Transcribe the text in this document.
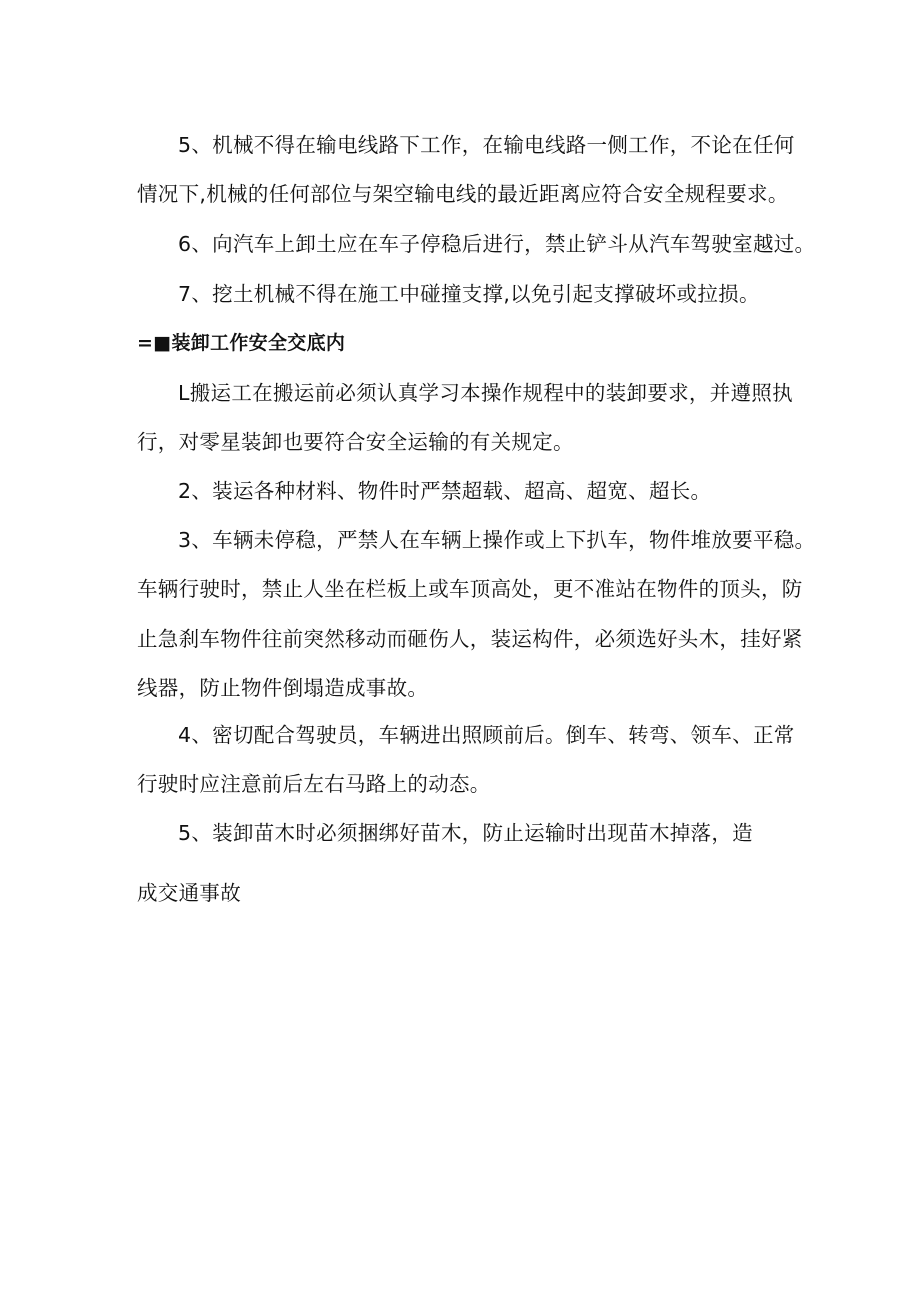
5、机械不得在输电线路下工作，在输电线路一侧工作，不论在任何
情况下,机械的任何部位与架空输电线的最近距离应符合安全规程要求。
6、向汽车上卸土应在车子停稳后进行，禁止铲斗从汽车驾驶室越过。
7、挖土机械不得在施工中碰撞支撑,以免引起支撑破坏或拉损。
=■装卸工作安全交底内
L搬运工在搬运前必须认真学习本操作规程中的装卸要求，并遵照执
行，对零星装卸也要符合安全运输的有关规定。
2、装运各种材料、物件时严禁超载、超高、超宽、超长。
3、车辆未停稳，严禁人在车辆上操作或上下扒车，物件堆放要平稳。
车辆行驶时，禁止人坐在栏板上或车顶高处，更不准站在物件的顶头，防
止急刹车物件往前突然移动而砸伤人，装运构件，必须选好头木，挂好紧
线器，防止物件倒塌造成事故。
4、密切配合驾驶员，车辆进出照顾前后。倒车、转弯、领车、正常
行驶时应注意前后左右马路上的动态。
5、装卸苗木时必须捆绑好苗木，防止运输时出现苗木掉落，造
成交通事故
